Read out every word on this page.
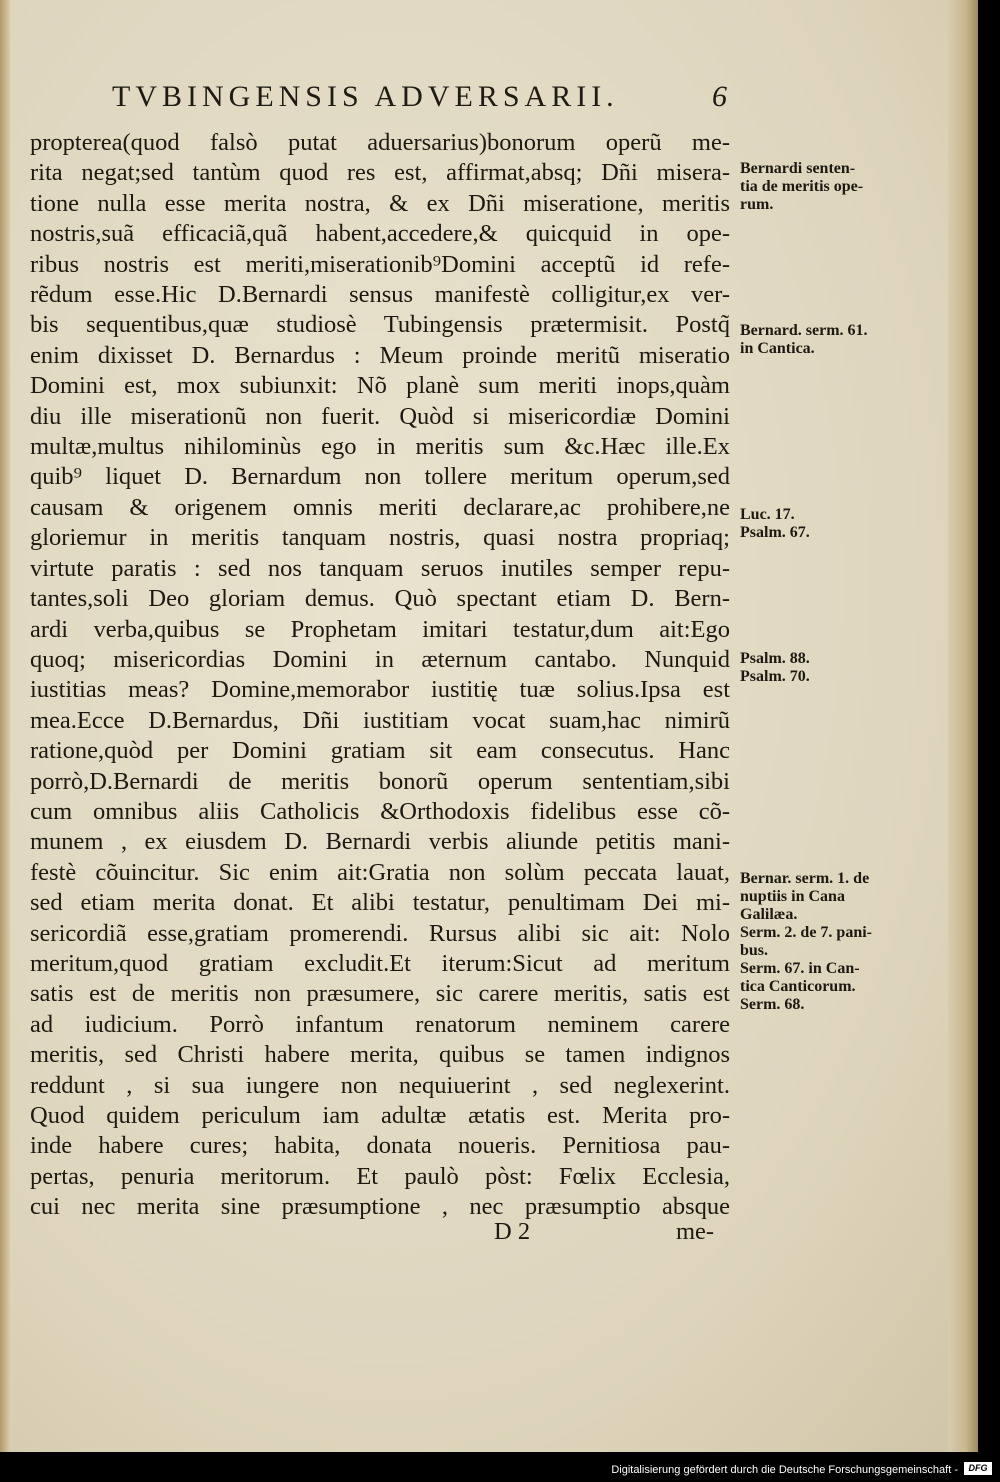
TVBINGENSIS ADVERSARII.	6
propterea(quod falsò putat aduersarius)bonorum operũ me-
rita negat;sed tantùm quod res est, affirmat,absq; Dñi misera-
tione nulla esse merita nostra, & ex Dñi miseratione, meritis
nostris,suã efficaciã,quã habent,accedere,& quicquid in ope-
ribus nostris est meriti,miserationib⁹Domini acceptũ id refe-
rẽdum esse.Hic D.Bernardi sensus manifestè colligitur,ex ver-
bis sequentibus,quæ studiosè Tubingensis prætermisit. Postq̃
enim dixisset D. Bernardus : Meum proinde meritũ miseratio
Domini est, mox subiunxit: Nõ planè sum meriti inops,quàm
diu ille miserationũ non fuerit. Quòd si misericordiæ Domini
multæ,multus nihilominùs ego in meritis sum &c.Hæc ille.Ex
quib⁹ liquet D. Bernardum non tollere meritum operum,sed
causam & origenem omnis meriti declarare,ac prohibere,ne
gloriemur in meritis tanquam nostris, quasi nostra propriaq;
virtute paratis : sed nos tanquam seruos inutiles semper repu-
tantes,soli Deo gloriam demus. Quò spectant etiam D. Bern-
ardi verba,quibus se Prophetam imitari testatur,dum ait:Ego
quoq; misericordias Domini in æternum cantabo. Nunquid
iustitias meas? Domine,memorabor iustitię tuæ solius.Ipsa est
mea.Ecce D.Bernardus, Dñi iustitiam vocat suam,hac nimirũ
ratione,quòd per Domini gratiam sit eam consecutus. Hanc
porrò,D.Bernardi de meritis bonorũ operum sententiam,sibi
cum omnibus aliis Catholicis &Orthodoxis fidelibus esse cõ-
munem , ex eiusdem D. Bernardi verbis aliunde petitis mani-
festè cõuincitur. Sic enim ait:Gratia non solùm peccata lauat,
sed etiam merita donat. Et alibi testatur, penultimam Dei mi-
sericordiã esse,gratiam promerendi. Rursus alibi sic ait: Nolo
meritum,quod gratiam excludit.Et iterum:Sicut ad meritum
satis est de meritis non præsumere, sic carere meritis, satis est
ad iudicium. Porrò infantum renatorum neminem carere
meritis, sed Christi habere merita, quibus se tamen indignos
reddunt , si sua iungere non nequiuerint , sed neglexerint.
Quod quidem periculum iam adultæ ætatis est. Merita pro-
inde habere cures; habita, donata noueris. Pernitiosa pau-
pertas, penuria meritorum. Et paulò pòst: Fœlix Ecclesia,
cui nec merita sine præsumptione , nec præsumptio absque
Bernardi senten-
tia de meritis ope-
rum.
Bernard. serm. 61.
in Cantica.
Luc. 17.
Psalm. 67.
Psalm. 88.
Psalm. 70.
Bernar. serm. 1. de
nuptiis in Cana
Galilæa.
Serm. 2. de 7. pani-
bus.
Serm. 67. in Can-
tica Canticorum.
Serm. 68.
D 2	me-
Digitalisierung gefördert durch die Deutsche Forschungsgemeinschaft -	DFG
